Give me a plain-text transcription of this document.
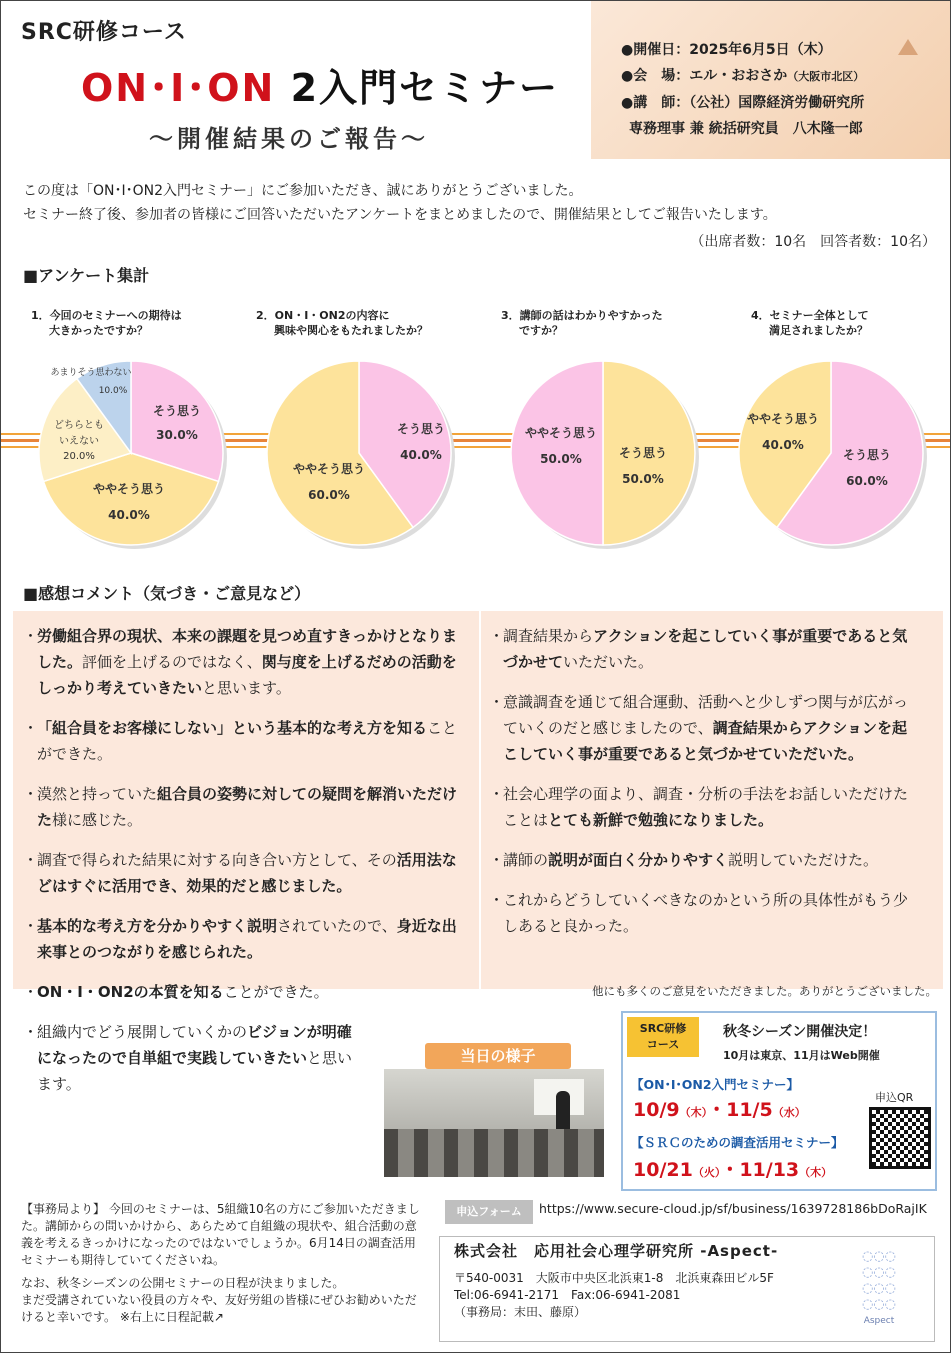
SRC研修コース
ON･I･ON 2入門セミナー
～開催結果のご報告～
●開催日：2025年6月5日（木）
●会　場：エル・おおさか（大阪市北区）
●講　師：（公社）国際経済労働研究所
専務理事 兼 統括研究員　八木隆一郎
この度は「ON･I･ON2入門セミナー」にご参加いただき、誠にありがとうございました。
セミナー終了後、参加者の皆様にご回答いただいたアンケートをまとめましたので、開催結果としてご報告いたします。
（出席者数：10名　回答者数：10名）
■アンケート集計
そう思う
30.0%
ややそう思う
40.0%
どちらとも
いえない
20.0%
あまりそう思わない
10.0%
そう思う
40.0%
ややそう思う
60.0%
ややそう思う
50.0%	そう思う
50.0%
ややそう思う
40.0%
そう思う
60.0%
1．今回のセミナーへの期待は
大きかったですか？
2．ON・I・ON2の内容に
興味や関心をもたれましたか？
3．講師の話はわかりやすかった
ですか？
4．セミナー全体として
満足されましたか？
■感想コメント（気づき・ご意見など）
・
労働組合界の現状、本来の課題を見つめ直すきっかけとなりました。評価を上げるのではなく、関与度を上げるだめの活動をしっかり考えていきたいと思います。
・
「組合員をお客様にしない」という基本的な考え方を知ることができた。
・
漠然と持っていた組合員の姿勢に対しての疑問を解消いただけた様に感じた。
・
調査で得られた結果に対する向き合い方として、その活用法などはすぐに活用でき、効果的だと感じました。
・
基本的な考え方を分かりやすく説明されていたので、身近な出来事とのつながりを感じられた。
・
ON・I・ON2の本質を知ることができた。
・
組織内でどう展開していくかのビジョンが明確になったので自単組で実践していきたいと思います。
・
調査結果からアクションを起こしていく事が重要であると気づかせていただいた。
・
意識調査を通じて組合運動、活動へと少しずつ関与が広がっていくのだと感じましたので、調査結果からアクションを起こしていく事が重要であると気づかせていただいた。
・
社会心理学の面より、調査・分析の手法をお話しいただけたことはとても新鮮で勉強になりました。
・
講師の説明が面白く分かりやすく説明していただけた。
・
これからどうしていくべきなのかという所の具体性がもう少しあると良かった。
他にも多くのご意見をいただきました。ありがとうございました。
当日の様子
SRC研修
コース
秋冬シーズン開催決定！
10月は東京、11月はWeb開催
【ON･I･ON2入門セミナー】
10/9（木）・11/5（水）
【ＳＲＣのための調査活用セミナー】
10/21（火）・11/13（木）
申込QR
【事務局より】 今回のセミナーは、5組織10名の方にご参加いただきました。講師からの問いかけから、あらためて自組織の現状や、組合活動の意義を考えるきっかけになったのではないでしょうか。6月14日の調査活用セミナーも期待していてくださいね。
なお、秋冬シーズンの公開セミナーの日程が決まりました。
まだ受講されていない役員の方々や、友好労組の皆様にぜひお勧めいただけると幸いです。 ※右上に日程記載↗
申込フォーム	https://www.secure-cloud.jp/sf/business/1639728186bDoRajIK
株式会社　応用社会心理学研究所 -Aspect-
〒540-0031　大阪市中央区北浜東1-8　北浜東森田ビル5F
Tel:06-6941-2171　Fax:06-6941-2081
（事務局：末田、藤原）
◌◌◌
◌◌◌
◌◌◌
◌◌◌
Aspect
